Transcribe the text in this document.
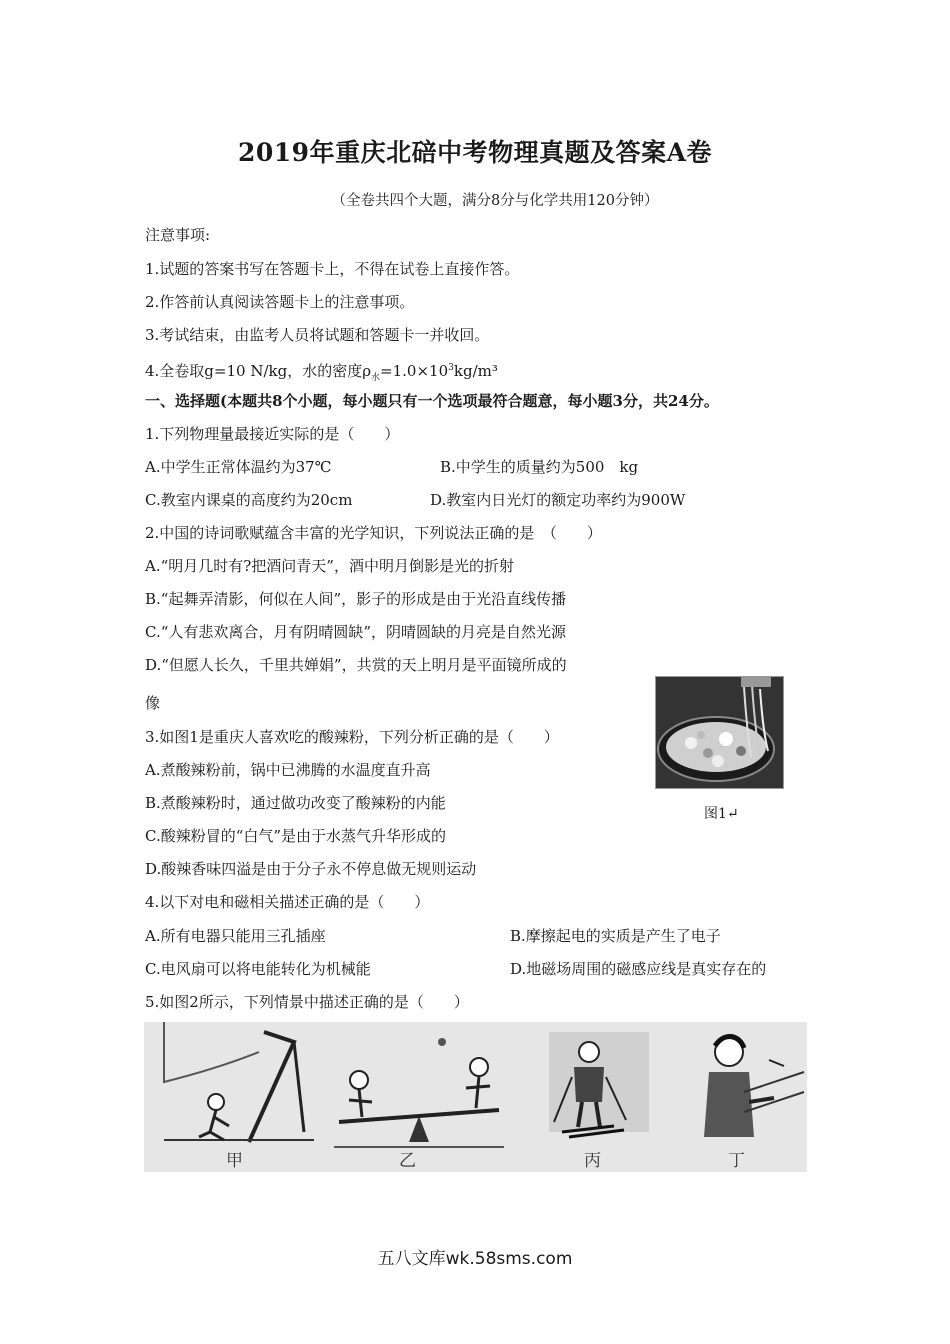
2019年重庆北碚中考物理真题及答案A卷
（全卷共四个大题，满分8分与化学共用120分钟）
注意事项:
1.试题的答案书写在答题卡上，不得在试卷上直接作答。
2.作答前认真阅读答题卡上的注意事项。
3.考试结束，由监考人员将试题和答题卡一并收回。
4.全卷取g=10 N/kg，水的密度$\rho_水=1.0\times 10^3kg/m^3$
一、选择题(本题共8个小题，每小题只有一个选项最符合题意，每小题3分，共24分。
1.下列物理量最接近实际的是（　　）
A.中学生正常体温约为37℃	B.中学生的质量约为500　kg
C.教室内课桌的高度约为20cm	D.教室内日光灯的额定功率约为900W
2.中国的诗词歌赋蕴含丰富的光学知识，下列说法正确的是　（　　）
A.“明月几时有?把酒问青天”，酒中明月倒影是光的折射
B.“起舞弄清影，何似在人间”，影子的形成是由于光沿直线传播
C.“人有悲欢离合，月有阴晴圆缺”，阴晴圆缺的月亮是自然光源
D.“但愿人长久，千里共婵娟”，共赏的天上明月是平面镜所成的
像
图1↵
3.如图1是重庆人喜欢吃的酸辣粉，下列分析正确的是（　　）
A.煮酸辣粉前，锅中已沸腾的水温度直升高
B.煮酸辣粉时，通过做功改变了酸辣粉的内能
C.酸辣粉冒的“白气”是由于水蒸气升华形成的
D.酸辣香味四溢是由于分子永不停息做无规则运动
4.以下对电和磁相关描述正确的是（　　）
A.所有电器只能用三孔插座	B.摩擦起电的实质是产生了电子
C.电风扇可以将电能转化为机械能	D.地磁场周围的磁感应线是真实存在的
5.如图2所示，下列情景中描述正确的是（　　）
甲	乙	丙	丁
五八文库wk.58sms.com
